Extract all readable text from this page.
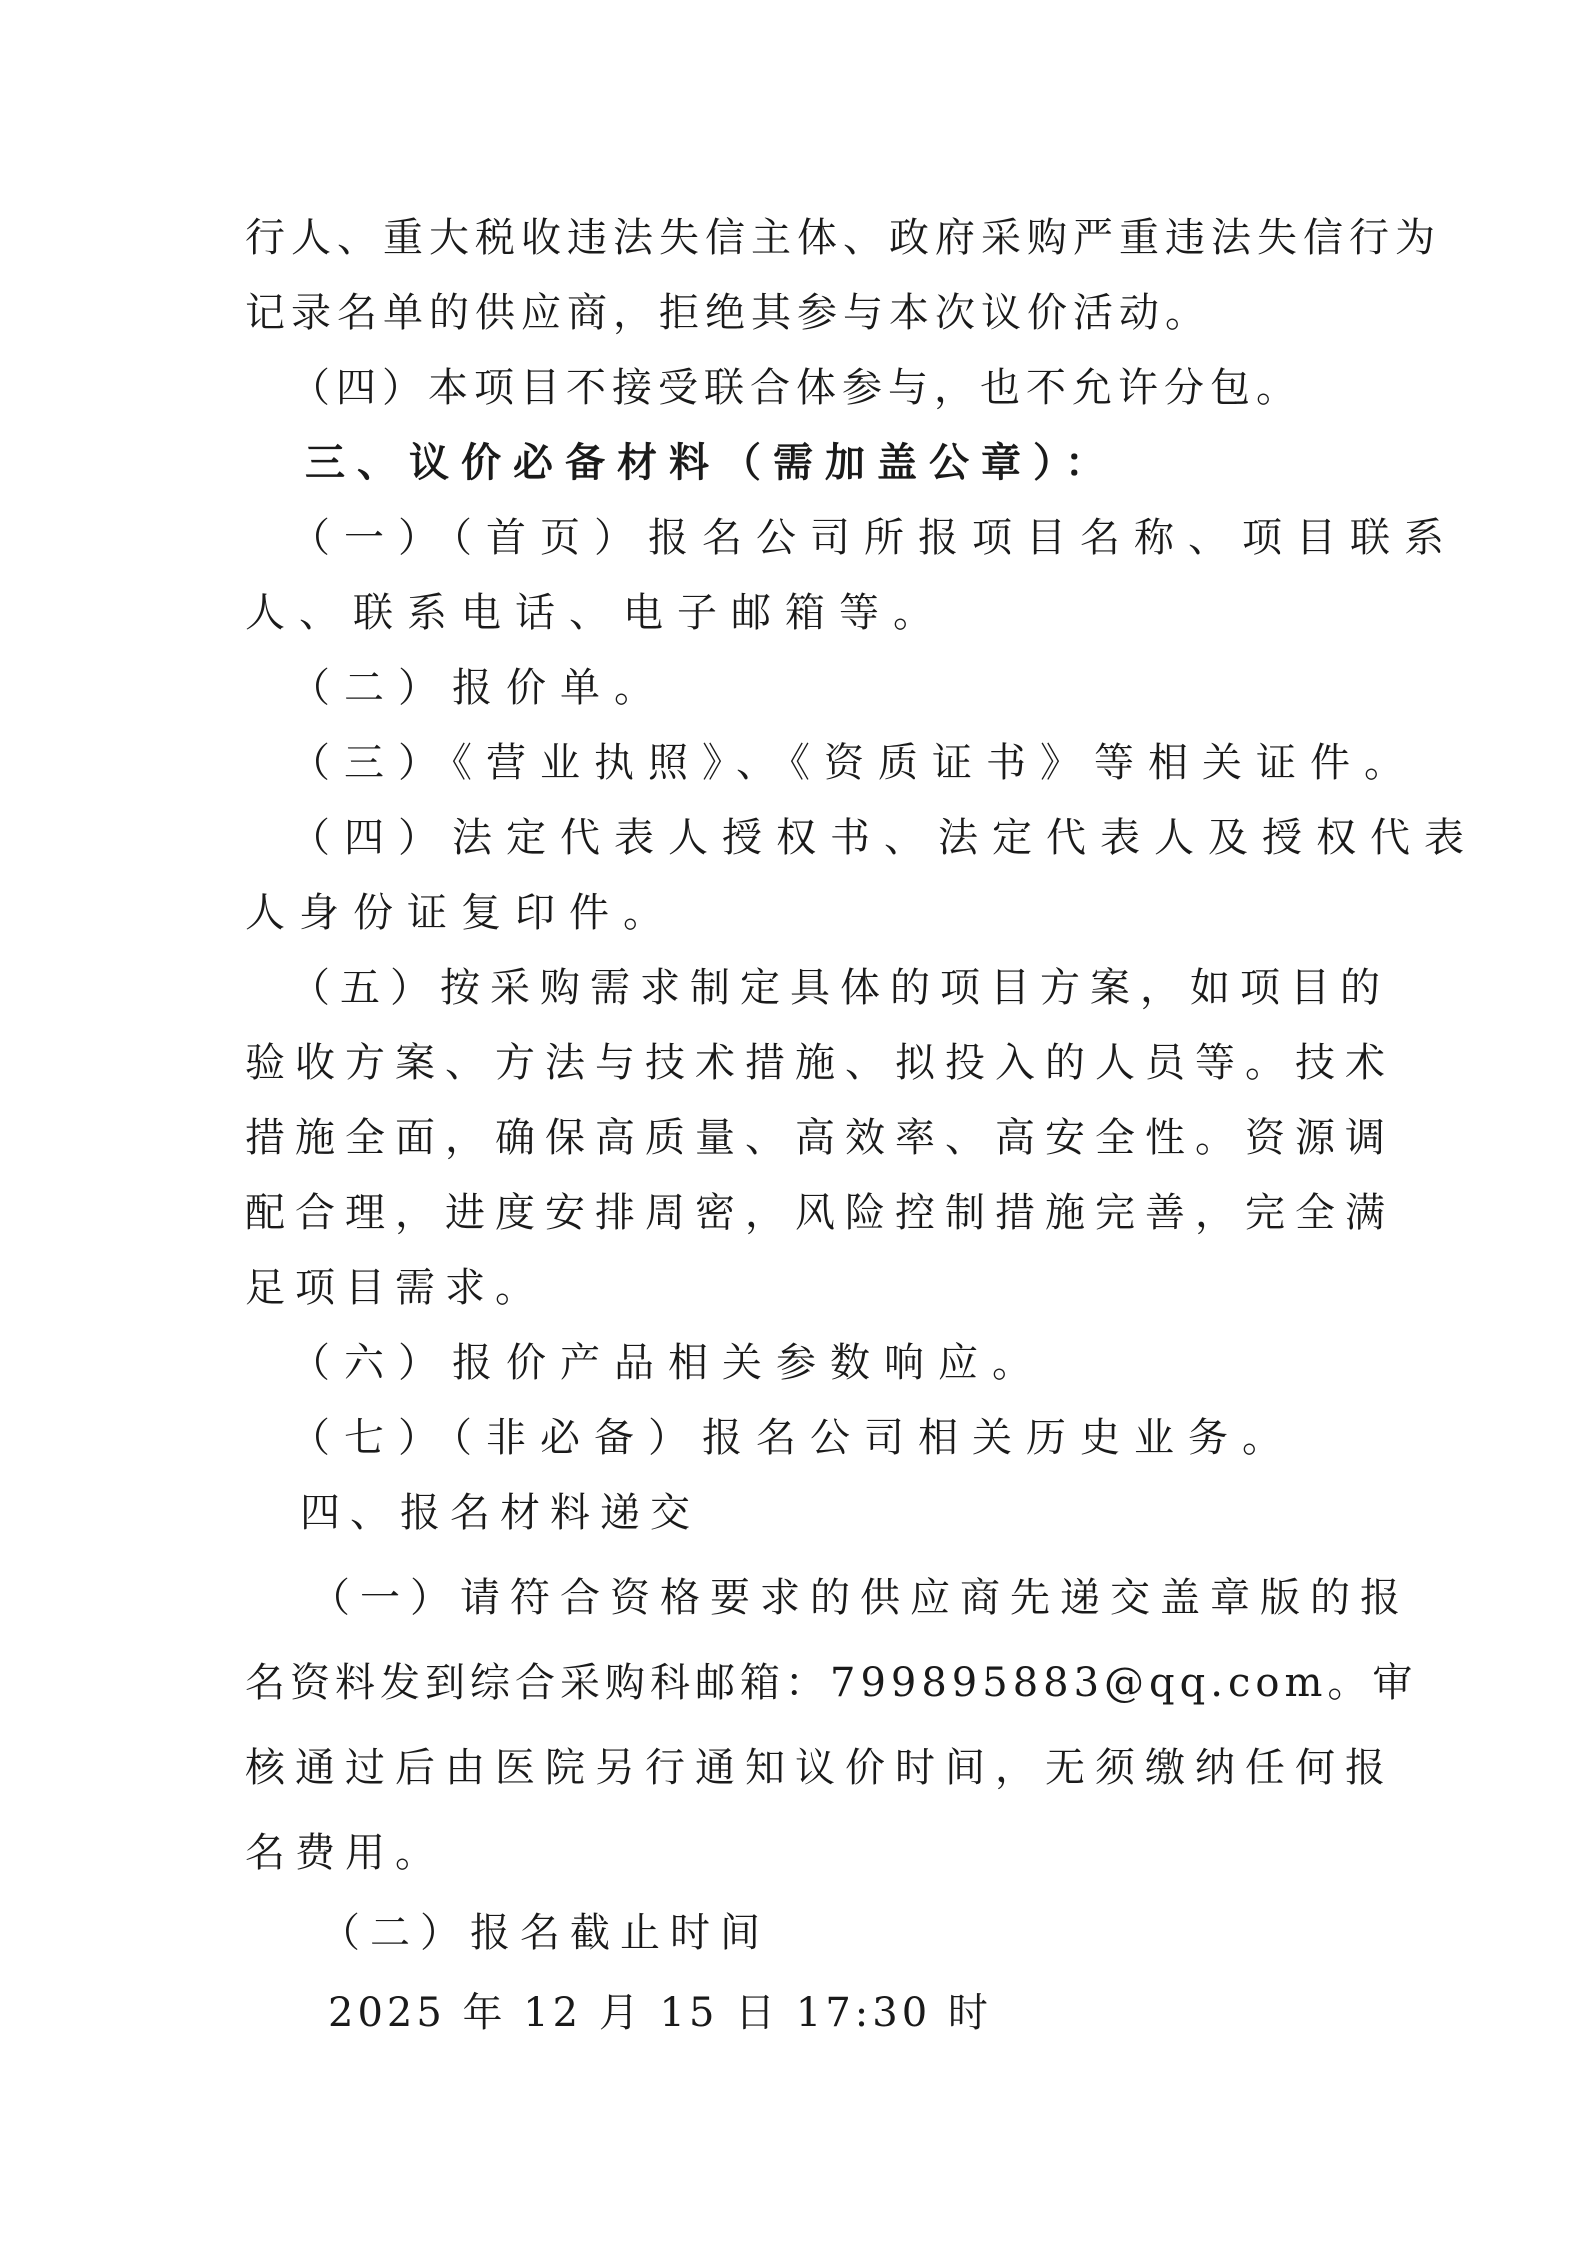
行人、重大税收违法失信主体、政府采购严重违法失信行为
记录名单的供应商，拒绝其参与本次议价活动。
（四）本项目不接受联合体参与，也不允许分包。
三、议价必备材料（需加盖公章）：
（一）（首页）报名公司所报项目名称、项目联系
人、联系电话、电子邮箱等。
（二）报价单。
（三）《营业执照》、《资质证书》等相关证件。
（四）法定代表人授权书、法定代表人及授权代表
人身份证复印件。
（五）按采购需求制定具体的项目方案，如项目的
验收方案、方法与技术措施、拟投入的人员等。技术
措施全面，确保高质量、高效率、高安全性。资源调
配合理，进度安排周密，风险控制措施完善，完全满
足项目需求。
（六）报价产品相关参数响应。
（七）（非必备）报名公司相关历史业务。
四、报名材料递交
（一）请符合资格要求的供应商先递交盖章版的报
名资料发到综合采购科邮箱：799895883@qq.com。审
核通过后由医院另行通知议价时间，无须缴纳任何报
名费用。
（二）报名截止时间
2025 年 12 月 15 日 17:30 时
